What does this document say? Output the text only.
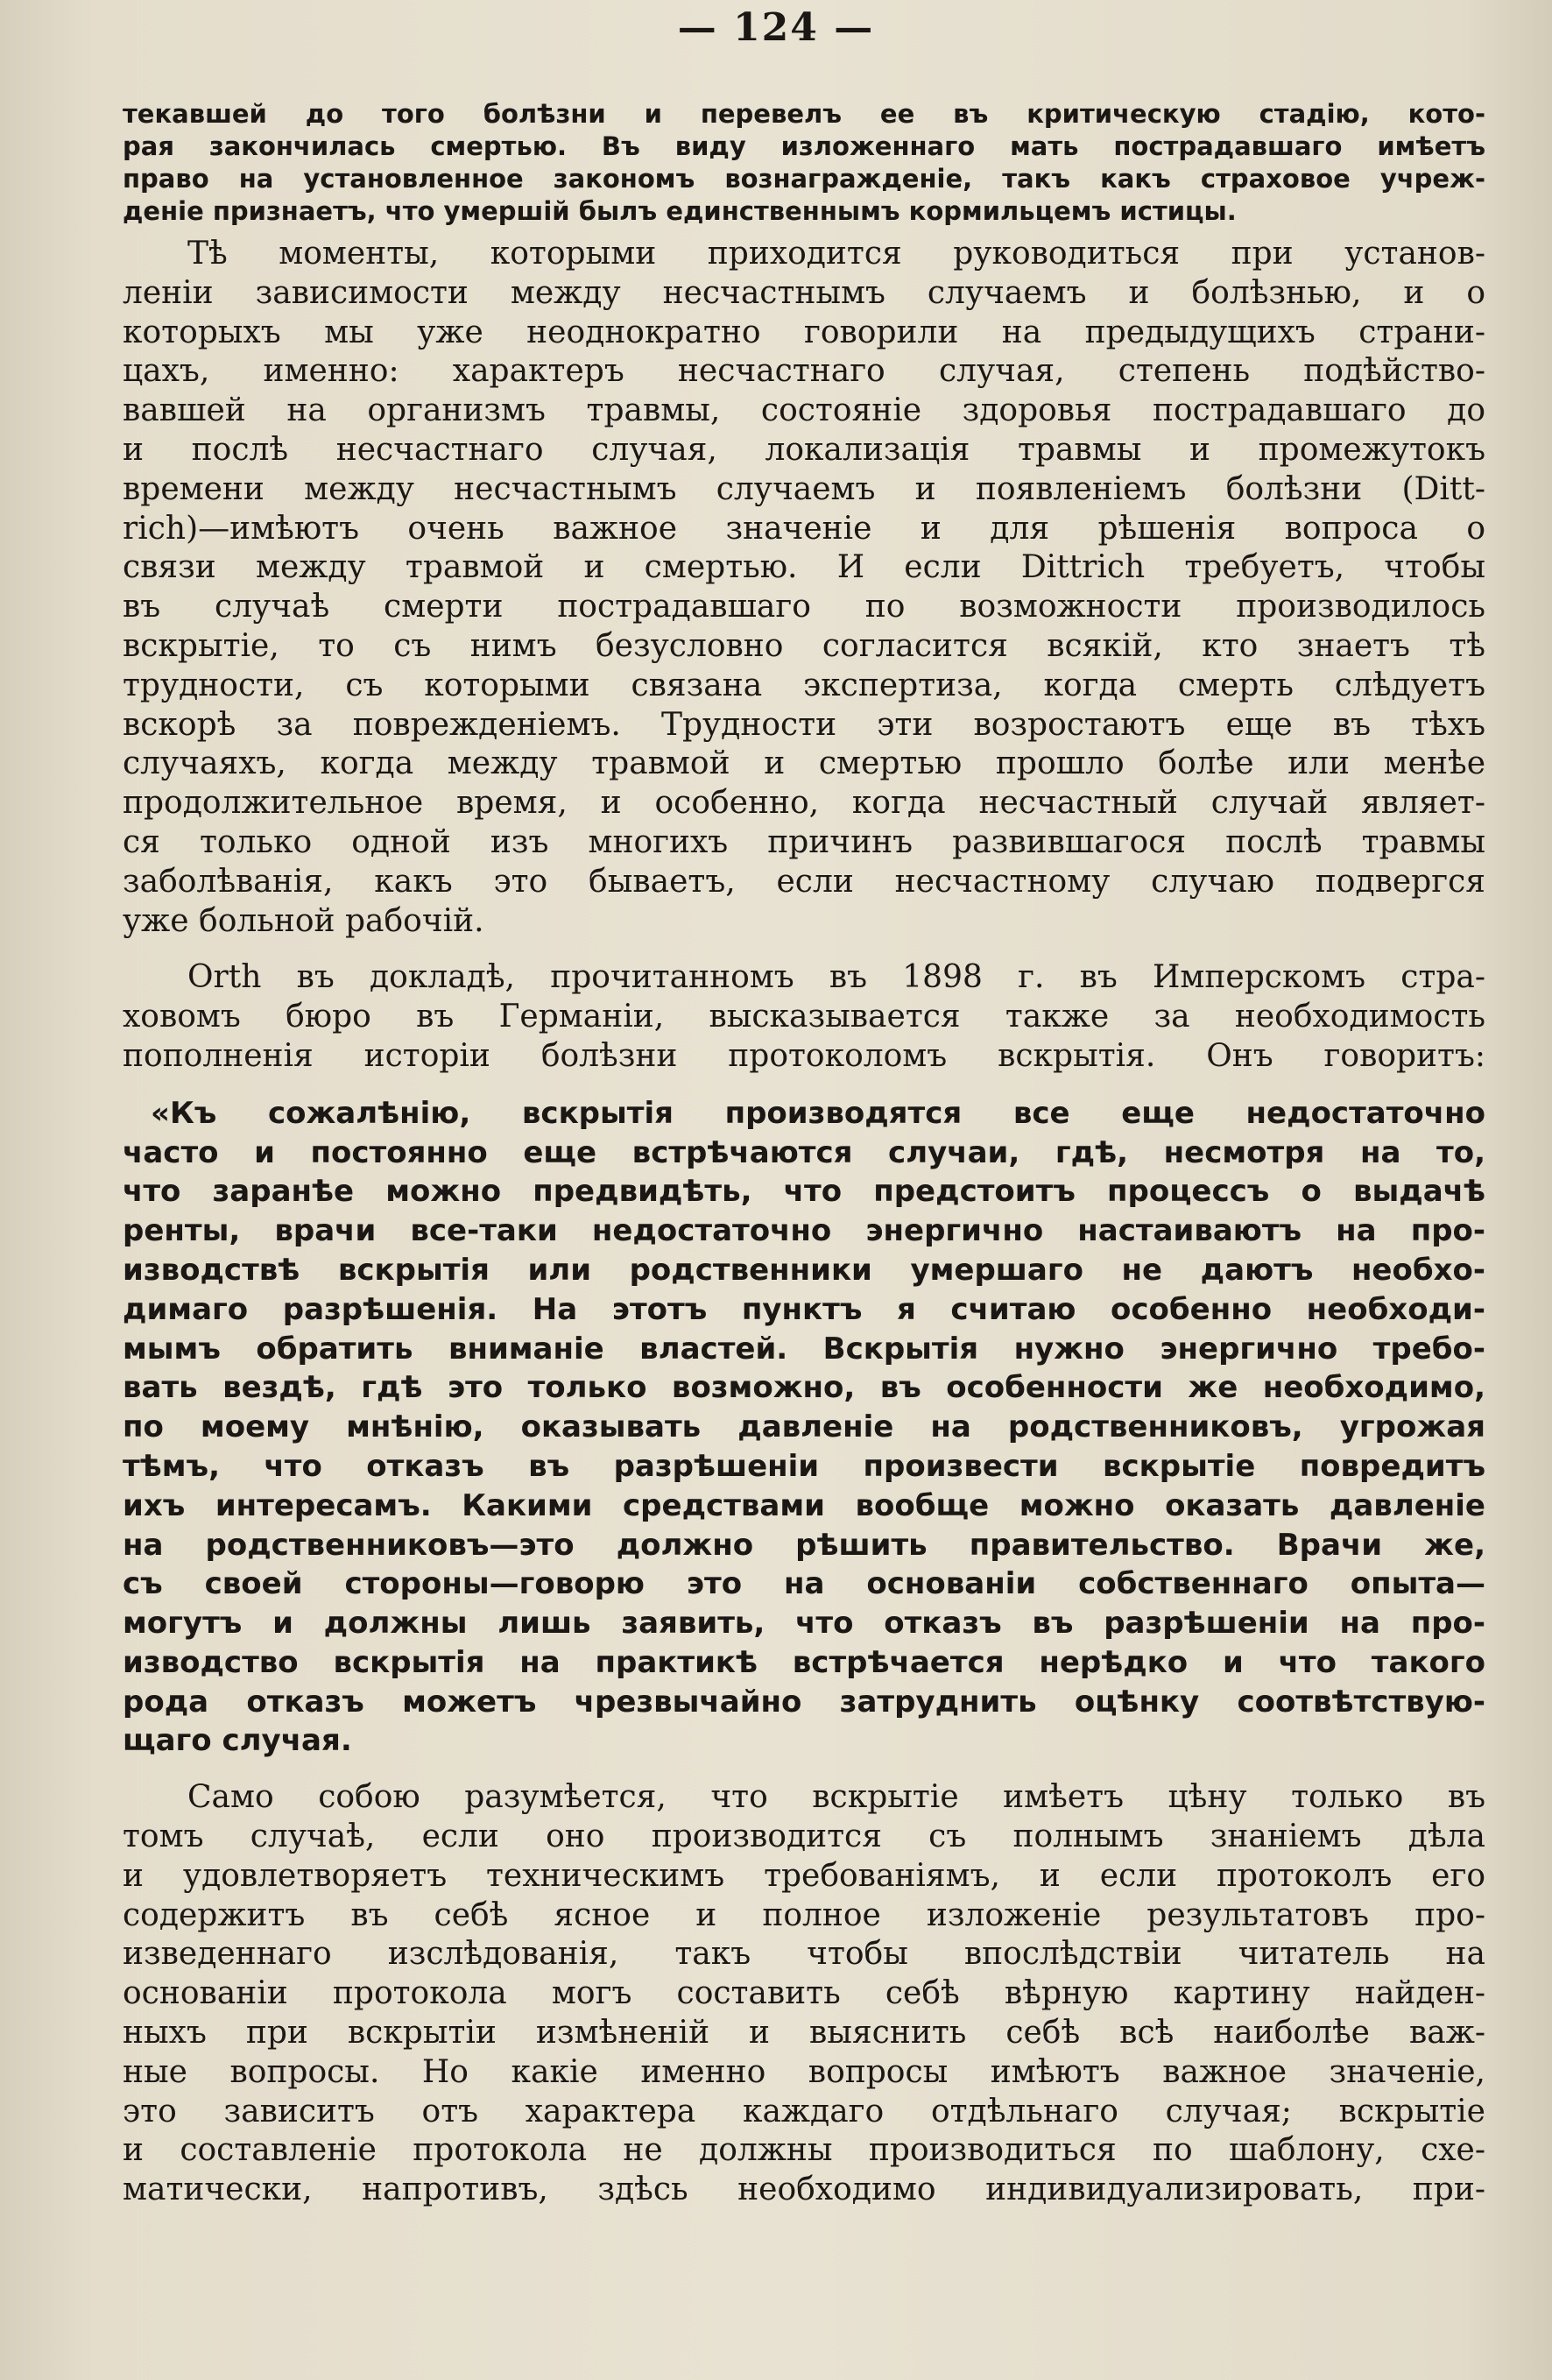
— 124 —
текавшей до того болѣзни и перевелъ ее въ критическую стадію, кото-
рая закончилась смертью. Въ виду изложеннаго мать пострадавшаго имѣетъ
право на установленное закономъ вознагражденіе, такъ какъ страховое учреж-
деніе признаетъ, что умершій былъ единственнымъ кормильцемъ истицы.
Тѣ моменты, которыми приходится руководиться при установ-
леніи зависимости между несчастнымъ случаемъ и болѣзнью, и о
которыхъ мы уже неоднократно говорили на предыдущихъ страни-
цахъ, именно: характеръ несчастнаго случая, степень подѣйство-
вавшей на организмъ травмы, состояніе здоровья пострадавшаго до
и послѣ несчастнаго случая, локализація травмы и промежутокъ
времени между несчастнымъ случаемъ и появленіемъ болѣзни (Ditt-
rich)—имѣютъ очень важное значеніе и для рѣшенія вопроса о
связи между травмой и смертью. И если Dittrich требуетъ, чтобы
въ случаѣ смерти пострадавшаго по возможности производилось
вскрытіе, то съ нимъ безусловно согласится всякій, кто знаетъ тѣ
трудности, съ которыми связана экспертиза, когда смерть слѣдуетъ
вскорѣ за поврежденіемъ. Трудности эти возростаютъ еще въ тѣхъ
случаяхъ, когда между травмой и смертью прошло болѣе или менѣе
продолжительное время, и особенно, когда несчастный случай являет-
ся только одной изъ многихъ причинъ развившагося послѣ травмы
заболѣванія, какъ это бываетъ, если несчастному случаю подвергся
уже больной рабочій.
Orth въ докладѣ, прочитанномъ въ 1898 г. въ Имперскомъ стра-
ховомъ бюро въ Германіи, высказывается также за необходимость
пополненія исторіи болѣзни протоколомъ вскрытія. Онъ говоритъ:
«Къ сожалѣнію, вскрытія производятся все еще недостаточно
часто и постоянно еще встрѣчаются случаи, гдѣ, несмотря на то,
что заранѣе можно предвидѣть, что предстоитъ процессъ о выдачѣ
ренты, врачи все-таки недостаточно энергично настаиваютъ на про-
изводствѣ вскрытія или родственники умершаго не даютъ необхо-
димаго разрѣшенія. На этотъ пунктъ я считаю особенно необходи-
мымъ обратить вниманіе властей. Вскрытія нужно энергично требо-
вать вездѣ, гдѣ это только возможно, въ особенности же необходимо,
по моему мнѣнію, оказывать давленіе на родственниковъ, угрожая
тѣмъ, что отказъ въ разрѣшеніи произвести вскрытіе повредитъ
ихъ интересамъ. Какими средствами вообще можно оказать давленіе
на родственниковъ—это должно рѣшить правительство. Врачи же,
съ своей стороны—говорю это на основаніи собственнаго опыта—
могутъ и должны лишь заявить, что отказъ въ разрѣшеніи на про-
изводство вскрытія на практикѣ встрѣчается нерѣдко и что такого
рода отказъ можетъ чрезвычайно затруднить оцѣнку соотвѣтствую-
щаго случая.
Само собою разумѣется, что вскрытіе имѣетъ цѣну только въ
томъ случаѣ, если оно производится съ полнымъ знаніемъ дѣла
и удовлетворяетъ техническимъ требованіямъ, и если протоколъ его
содержитъ въ себѣ ясное и полное изложеніе результатовъ про-
изведеннаго изслѣдованія, такъ чтобы впослѣдствіи читатель на
основаніи протокола могъ составить себѣ вѣрную картину найден-
ныхъ при вскрытіи измѣненій и выяснить себѣ всѣ наиболѣе важ-
ные вопросы. Но какіе именно вопросы имѣютъ важное значеніе,
это зависитъ отъ характера каждаго отдѣльнаго случая; вскрытіе
и составленіе протокола не должны производиться по шаблону, схе-
матически, напротивъ, здѣсь необходимо индивидуализировать, при-
